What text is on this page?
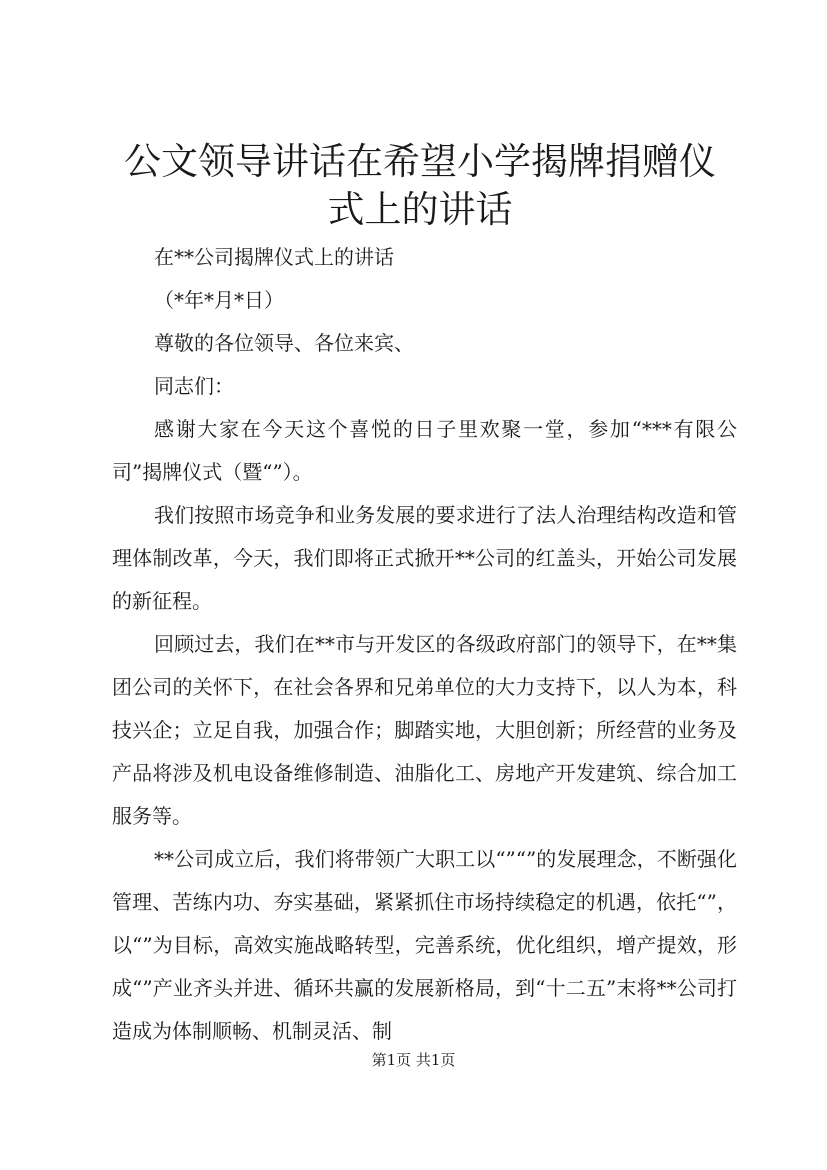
公文领导讲话在希望小学揭牌捐赠仪式上的讲话

在**公司揭牌仪式上的讲话

（*年*月*日）

尊敬的各位领导、各位来宾、

同志们：

感谢大家在今天这个喜悦的日子里欢聚一堂，参加“***有限公司”揭牌仪式（暨“”）。

我们按照市场竞争和业务发展的要求进行了法人治理结构改造和管理体制改革，今天，我们即将正式掀开**公司的红盖头，开始公司发展的新征程。

回顾过去，我们在**市与开发区的各级政府部门的领导下，在**集团公司的关怀下，在社会各界和兄弟单位的大力支持下，以人为本，科技兴企；立足自我，加强合作；脚踏实地，大胆创新；所经营的业务及产品将涉及机电设备维修制造、油脂化工、房地产开发建筑、综合加工服务等。

**公司成立后，我们将带领广大职工以“”“”的发展理念，不断强化管理、苦练内功、夯实基础，紧紧抓住市场持续稳定的机遇，依托“”，以“”为目标，高效实施战略转型，完善系统，优化组织，增产提效，形成“”产业齐头并进、循环共赢的发展新格局，到“十二五”末将**公司打造成为体制顺畅、机制灵活、制

第1页 共1页
